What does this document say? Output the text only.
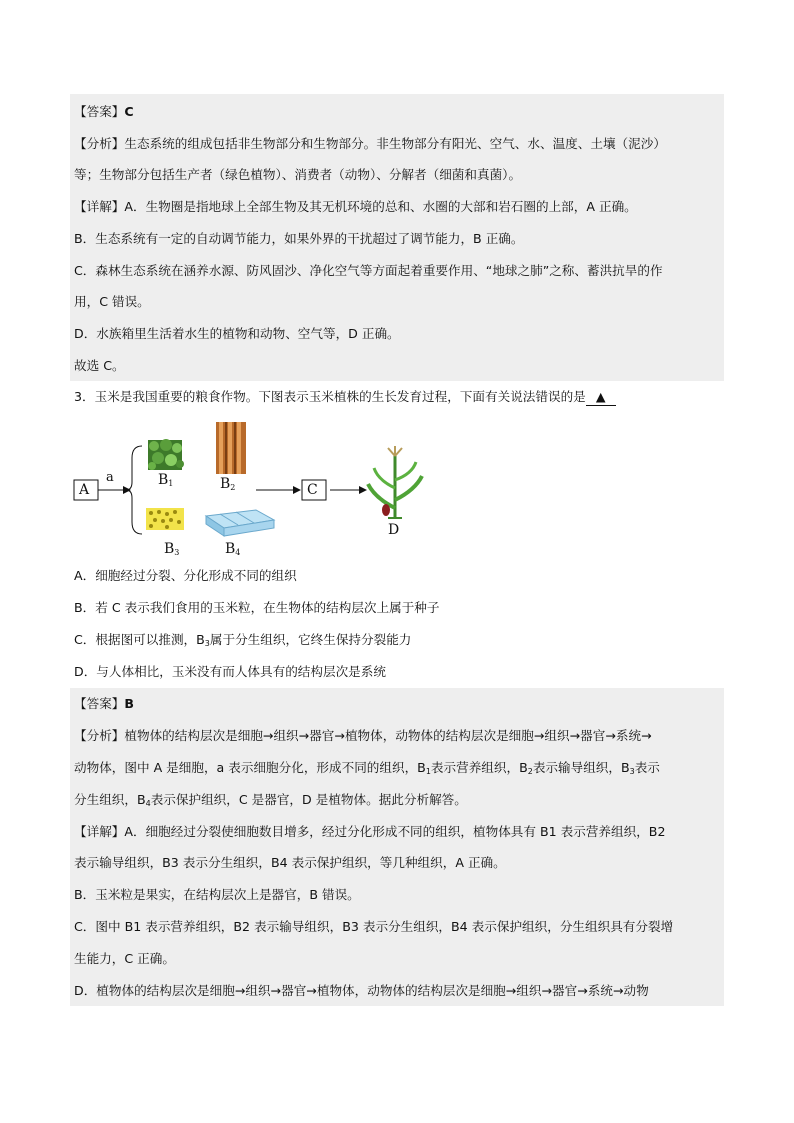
【答案】C
【分析】生态系统的组成包括非生物部分和生物部分。非生物部分有阳光、空气、水、温度、土壤（泥沙）
等；生物部分包括生产者（绿色植物）、消费者（动物）、分解者（细菌和真菌）。
【详解】A．生物圈是指地球上全部生物及其无机环境的总和、水圈的大部和岩石圈的上部，A 正确。
B．生态系统有一定的自动调节能力，如果外界的干扰超过了调节能力，B 正确。
C．森林生态系统在涵养水源、防风固沙、净化空气等方面起着重要作用、“地球之肺”之称、蓄洪抗旱的作
用，C 错误。
D．水族箱里生活着水生的植物和动物、空气等，D 正确。
故选 C。
3．玉米是我国重要的粮食作物。下图表示玉米植株的生长发育过程，下面有关说法错误的是 ▲
A
a	$B_1$	$B_2$
$B_3$	$B_4$
C
D
A．细胞经过分裂、分化形成不同的组织
B．若 C 表示我们食用的玉米粒，在生物体的结构层次上属于种子
C．根据图可以推测，$B_3$属于分生组织，它终生保持分裂能力
D．与人体相比，玉米没有而人体具有的结构层次是系统
【答案】B
【分析】植物体的结构层次是细胞→组织→器官→植物体，动物体的结构层次是细胞→组织→器官→系统→
动物体，图中 A 是细胞，a 表示细胞分化，形成不同的组织，$B_1$表示营养组织，$B_2$表示输导组织，$B_3$表示
分生组织，$B_4$表示保护组织，C 是器官，D 是植物体。据此分析解答。
【详解】A．细胞经过分裂使细胞数目增多，经过分化形成不同的组织，植物体具有 B1 表示营养组织，B2
表示输导组织，B3 表示分生组织，B4 表示保护组织，等几种组织，A 正确。
B．玉米粒是果实，在结构层次上是器官，B 错误。
C．图中 B1 表示营养组织，B2 表示输导组织，B3 表示分生组织，B4 表示保护组织，分生组织具有分裂增
生能力，C 正确。
D．植物体的结构层次是细胞→组织→器官→植物体，动物体的结构层次是细胞→组织→器官→系统→动物
